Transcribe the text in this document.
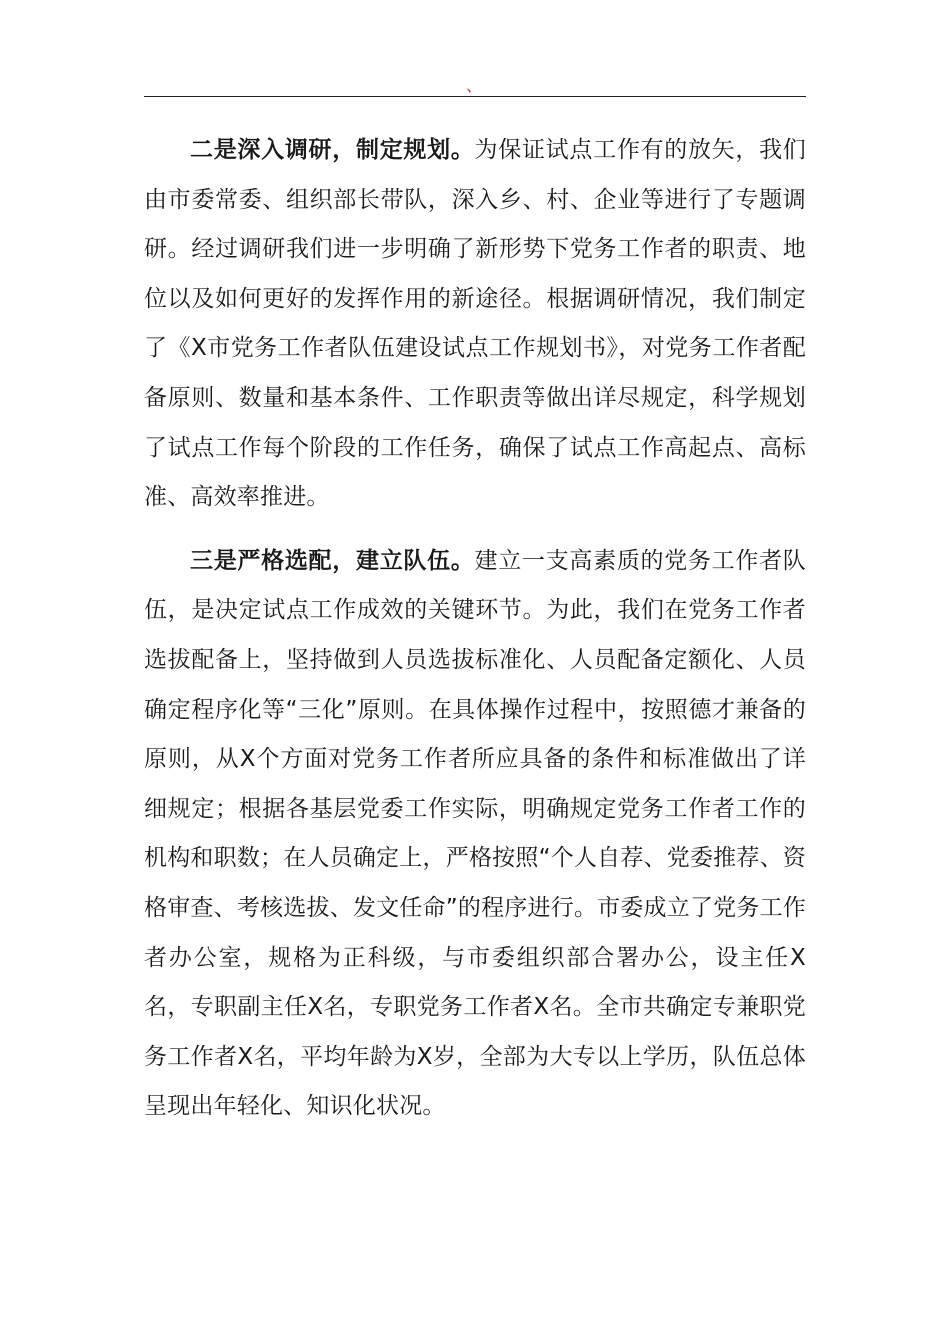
、

二是深入调研，制定规划。为保证试点工作有的放矢，我们由市委常委、组织部长带队，深入乡、村、企业等进行了专题调研。经过调研我们进一步明确了新形势下党务工作者的职责、地位以及如何更好的发挥作用的新途径。根据调研情况，我们制定了《X市党务工作者队伍建设试点工作规划书》，对党务工作者配备原则、数量和基本条件、工作职责等做出详尽规定，科学规划了试点工作每个阶段的工作任务，确保了试点工作高起点、高标准、高效率推进。

三是严格选配，建立队伍。建立一支高素质的党务工作者队伍，是决定试点工作成效的关键环节。为此，我们在党务工作者选拔配备上，坚持做到人员选拔标准化、人员配备定额化、人员确定程序化等“三化”原则。在具体操作过程中，按照德才兼备的原则，从X个方面对党务工作者所应具备的条件和标准做出了详细规定；根据各基层党委工作实际，明确规定党务工作者工作的机构和职数；在人员确定上，严格按照“个人自荐、党委推荐、资格审查、考核选拔、发文任命”的程序进行。市委成立了党务工作者办公室，规格为正科级，与市委组织部合署办公，设主任X名，专职副主任X名，专职党务工作者X名。全市共确定专兼职党务工作者X名，平均年龄为X岁，全部为大专以上学历，队伍总体呈现出年轻化、知识化状况。
